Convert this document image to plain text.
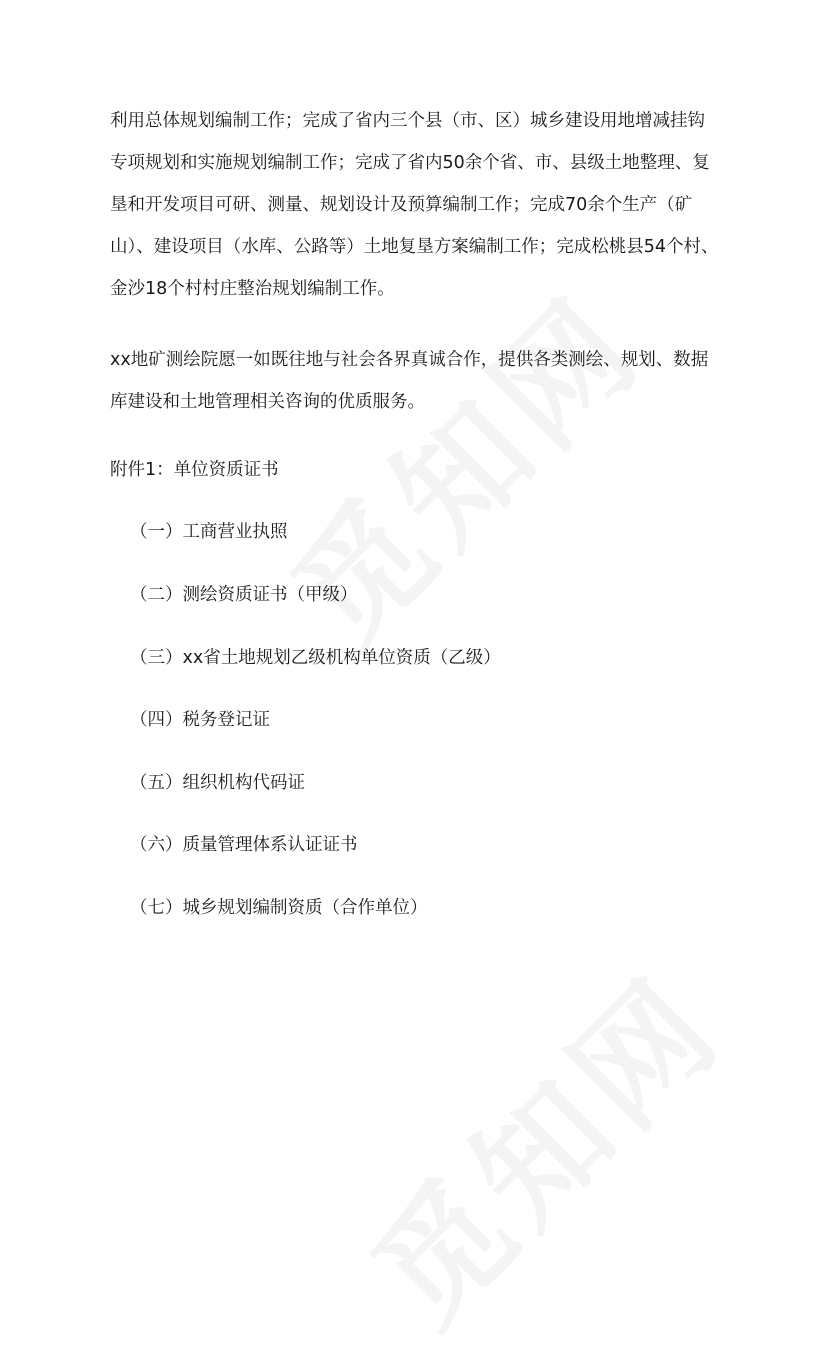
利用总体规划编制工作；完成了省内三个县（市、区）城乡建设用地增减挂钩专项规划和实施规划编制工作；完成了省内50余个省、市、县级土地整理、复垦和开发项目可研、测量、规划设计及预算编制工作；完成70余个生产（矿山）、建设项目（水库、公路等）土地复垦方案编制工作；完成松桃县54个村、金沙18个村村庄整治规划编制工作。

xx地矿测绘院愿一如既往地与社会各界真诚合作，提供各类测绘、规划、数据库建设和土地管理相关咨询的优质服务。

附件1：单位资质证书

（一）工商营业执照

（二）测绘资质证书（甲级）

（三）xx省土地规划乙级机构单位资质（乙级）

（四）税务登记证

（五）组织机构代码证

（六）质量管理体系认证证书

（七）城乡规划编制资质（合作单位）
